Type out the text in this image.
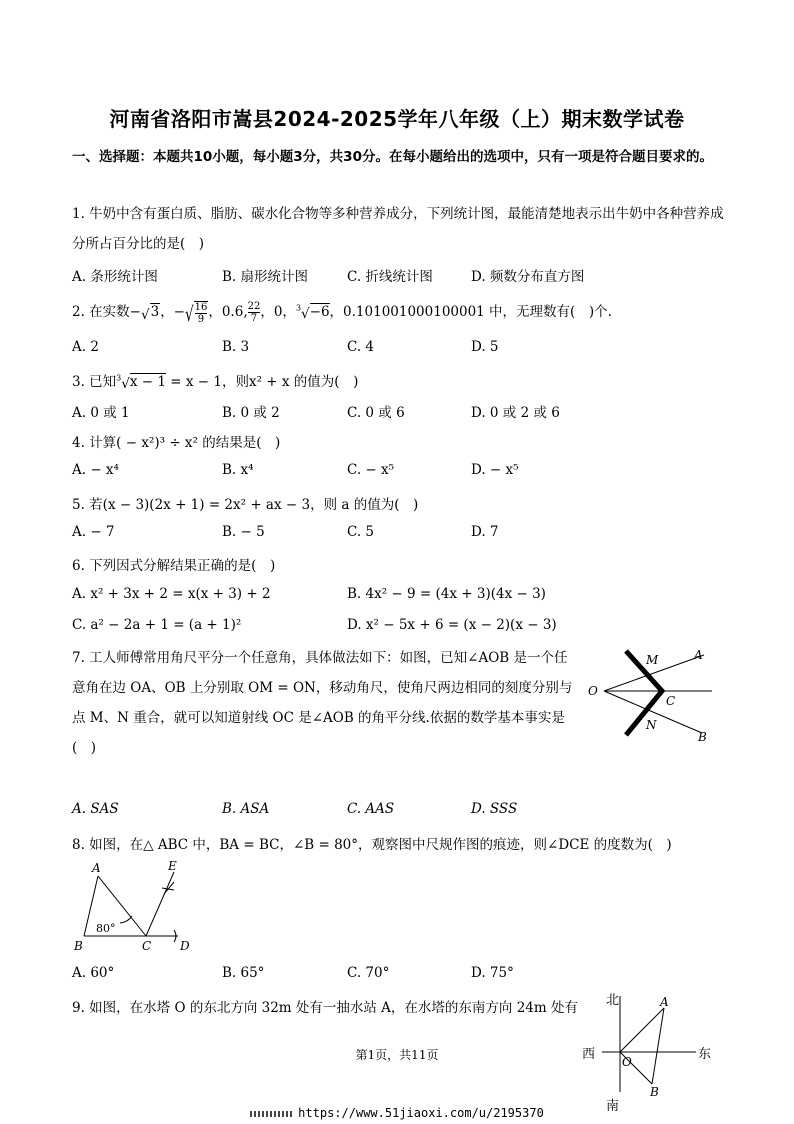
河南省洛阳市嵩县2024-2025学年八年级（上）期末数学试卷
一、选择题：本题共10小题，每小题3分，共30分。在每小题给出的选项中，只有一项是符合题目要求的。
1. 牛奶中含有蛋白质、脂肪、碳水化合物等多种营养成分，下列统计图，最能清楚地表示出牛奶中各种营养成分所占百分比的是(　)
A. 条形统计图	B. 扇形统计图	C. 折线统计图	D. 频数分布直方图
2. 在实数−√3，−√ $\frac{16}{9}$ ，0.6, $\frac{22}{7}$ ，0，$^3$√−6，0.101001000100001 中，无理数有(　)个.
A. 2	B. 3	C. 4	D. 5
3. 已知$^3$√x − 1 = x − 1，则x² + x 的值为(　)
A. 0 或 1	B. 0 或 2	C. 0 或 6	D. 0 或 2 或 6
4. 计算( − x²)³ ÷ x² 的结果是(　)
A. − x⁴	B. x⁴	C. − x⁵	D. − x⁵
5. 若(x − 3)(2x + 1) = 2x² + ax − 3，则 a 的值为(　)
A. − 7	B. − 5	C. 5	D. 7
6. 下列因式分解结果正确的是(　)
A. x² + 3x + 2 = x(x + 3) + 2	B. 4x² − 9 = (4x + 3)(4x − 3)
C. a² − 2a + 1 = (a + 1)²	D. x² − 5x + 6 = (x − 2)(x − 3)
7. 工人师傅常用角尺平分一个任意角，具体做法如下：如图，已知∠AOB 是一个任意角在边 OA、OB 上分别取 OM = ON，移动角尺，使角尺两边相同的刻度分别与点 M、N 重合，就可以知道射线 OC 是∠AOB 的角平分线.依据的数学基本事实是(　)
O
M	A
C
N
B
A. SAS	B. ASA	C. AAS	D. SSS
8. 如图，在△ ABC 中，BA = BC，∠B = 80°，观察图中尺规作图的痕迹，则∠DCE 的度数为(　)
A	E
B	C D
80°
A. 60°	B. 65°	C. 70°	D. 75°
9. 如图，在水塔 O 的东北方向 32m 处有一抽水站 A，在水塔的东南方向 24m 处有 北
南
西	东
O
A
B
第1页，共11页
https://www.51jiaoxi.com/u/2195370
